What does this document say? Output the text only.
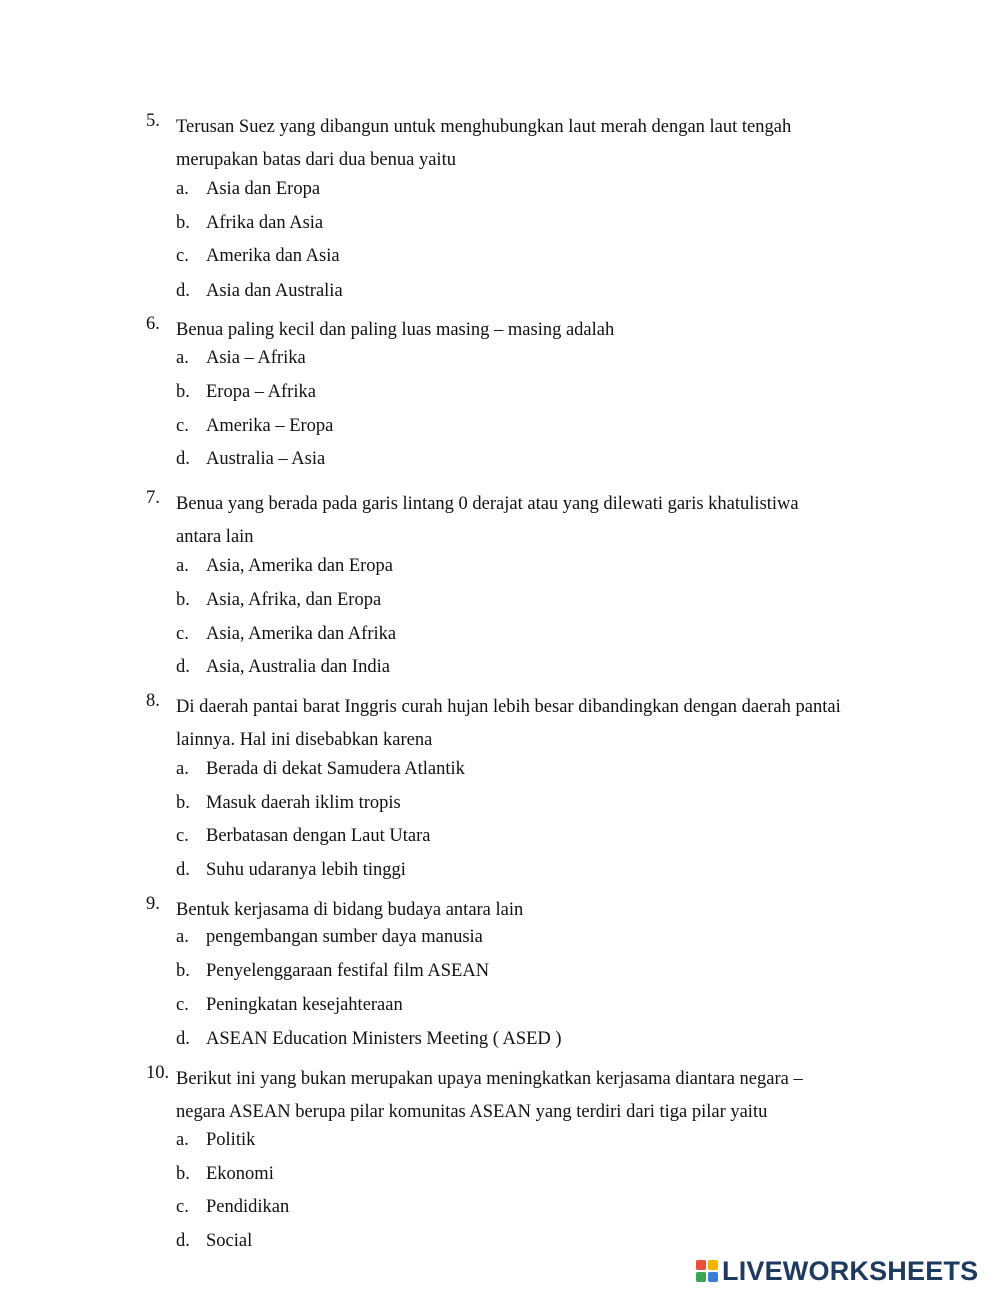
5. Terusan Suez yang dibangun untuk menghubungkan laut merah dengan laut tengah
merupakan batas dari dua benua yaitu
a. Asia dan Eropa
b. Afrika dan Asia
c. Amerika dan Asia
d. Asia dan Australia
6. Benua paling kecil dan paling luas masing – masing adalah
a. Asia – Afrika
b. Eropa – Afrika
c. Amerika – Eropa
d. Australia – Asia
7. Benua yang berada pada garis lintang 0 derajat atau yang dilewati garis khatulistiwa
antara lain
a. Asia, Amerika dan Eropa
b. Asia, Afrika, dan Eropa
c. Asia, Amerika dan Afrika
d. Asia, Australia dan India
8. Di daerah pantai barat Inggris curah hujan lebih besar dibandingkan dengan daerah pantai
lainnya. Hal ini disebabkan karena
a. Berada di dekat Samudera Atlantik
b. Masuk daerah iklim tropis
c. Berbatasan dengan Laut Utara
d. Suhu udaranya lebih tinggi
9. Bentuk kerjasama di bidang budaya antara lain
a. pengembangan sumber daya manusia
b. Penyelenggaraan festifal film ASEAN
c. Peningkatan kesejahteraan
d. ASEAN Education Ministers Meeting ( ASED )
10. Berikut ini yang bukan merupakan upaya meningkatkan kerjasama diantara negara –
negara ASEAN berupa pilar komunitas ASEAN yang terdiri dari tiga pilar yaitu
a. Politik
b. Ekonomi
c. Pendidikan
d. Social
LIVEWORKSHEETS
